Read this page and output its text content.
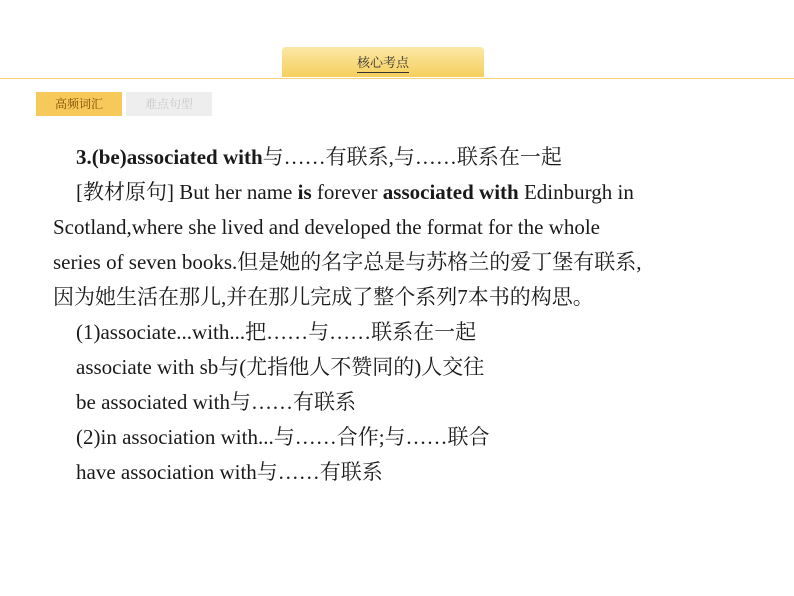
核心考点
高频词汇	难点句型

3.(be)associated with与……有联系,与……联系在一起

[教材原句] But her name is forever associated with Edinburgh in

Scotland,where she lived and developed the format for the whole

series of seven books.但是她的名字总是与苏格兰的爱丁堡有联系,

因为她生活在那儿,并在那儿完成了整个系列7本书的构思。

(1)associate...with...把……与……联系在一起

associate with sb与(尤指他人不赞同的)人交往

be associated with与……有联系

(2)in association with...与……合作;与……联合

have association with与……有联系
